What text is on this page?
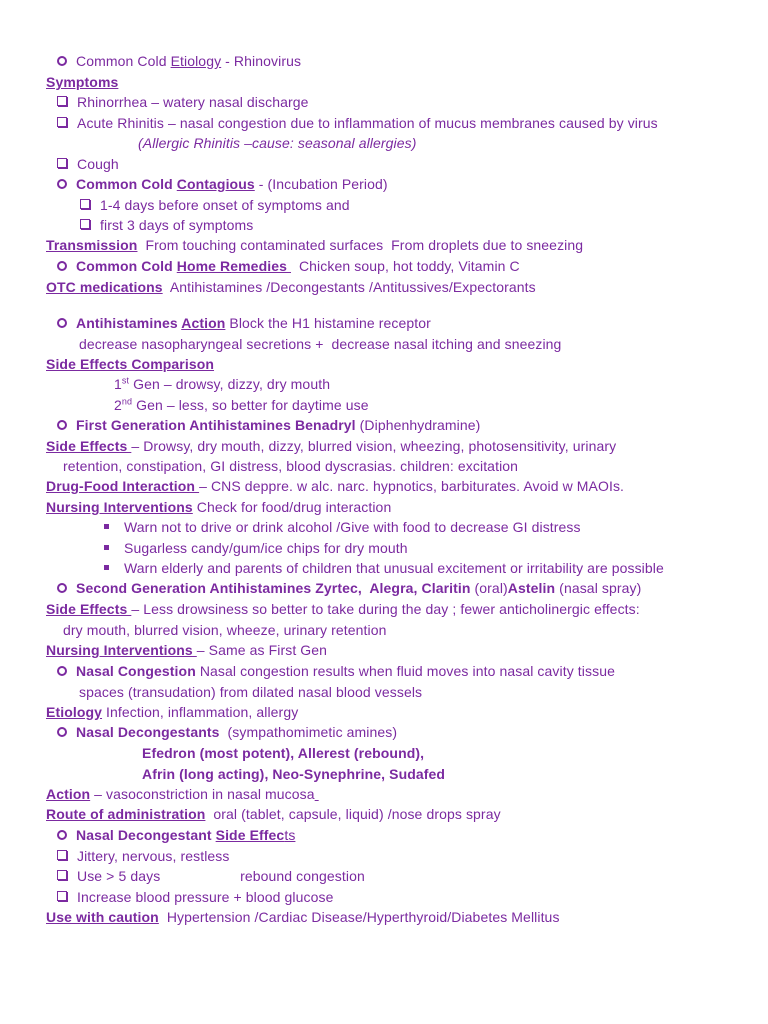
Common Cold Etiology - Rhinovirus
Symptoms
Rhinorrhea – watery nasal discharge
Acute Rhinitis – nasal congestion due to inflammation of mucus membranes caused by virus
(Allergic Rhinitis –cause: seasonal allergies)
Cough
Common Cold Contagious - (Incubation Period)
1-4 days before onset of symptoms and
first 3 days of symptoms
Transmission  From touching contaminated surfaces  From droplets due to sneezing
Common Cold Home Remedies   Chicken soup, hot toddy, Vitamin C
OTC medications  Antihistamines /Decongestants /Antitussives/Expectorants
Antihistamines Action Block the H1 histamine receptor
decrease nasopharyngeal secretions +  decrease nasal itching and sneezing
Side Effects Comparison
1st Gen – drowsy, dizzy, dry mouth
2nd Gen – less, so better for daytime use
First Generation Antihistamines Benadryl (Diphenhydramine)
Side Effects – Drowsy, dry mouth, dizzy, blurred vision, wheezing, photosensitivity, urinary
retention, constipation, GI distress, blood dyscrasias. children: excitation
Drug-Food Interaction – CNS deppre. w alc. narc. hypnotics, barbiturates. Avoid w MAOIs.
Nursing Interventions Check for food/drug interaction
Warn not to drive or drink alcohol /Give with food to decrease GI distress
Sugarless candy/gum/ice chips for dry mouth
Warn elderly and parents of children that unusual excitement or irritability are possible
Second Generation Antihistamines Zyrtec,  Alegra, Claritin (oral)Astelin (nasal spray)
Side Effects – Less drowsiness so better to take during the day ; fewer anticholinergic effects:
dry mouth, blurred vision, wheeze, urinary retention
Nursing Interventions – Same as First Gen
Nasal Congestion Nasal congestion results when fluid moves into nasal cavity tissue
spaces (transudation) from dilated nasal blood vessels
Etiology Infection, inflammation, allergy
Nasal Decongestants  (sympathomimetic amines)
Efedron (most potent), Allerest (rebound),
Afrin (long acting), Neo-Synephrine, Sudafed
Action – vasoconstriction in nasal mucosa
Route of administration  oral (tablet, capsule, liquid) /nose drops spray
Nasal Decongestant Side Effects
Jittery, nervous, restless
Use > 5 days                    rebound congestion
Increase blood pressure + blood glucose
Use with caution  Hypertension /Cardiac Disease/Hyperthyroid/Diabetes Mellitus
